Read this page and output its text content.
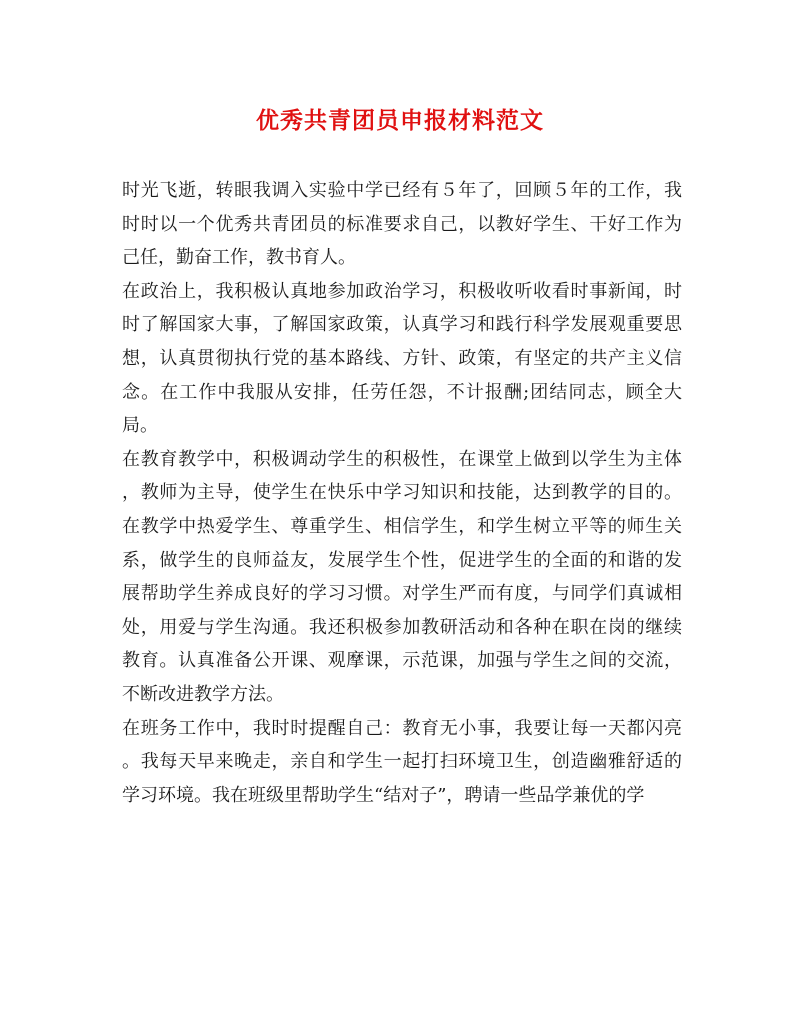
优秀共青团员申报材料范文
时光飞逝，转眼我调入实验中学已经有５年了，回顾５年的工作，我
时时以一个优秀共青团员的标准要求自己，以教好学生、干好工作为
己任，勤奋工作，教书育人。
在政治上，我积极认真地参加政治学习，积极收听收看时事新闻，时
时了解国家大事，了解国家政策，认真学习和践行科学发展观重要思
想，认真贯彻执行党的基本路线、方针、政策，有坚定的共产主义信
念。在工作中我服从安排，任劳任怨，不计报酬;团结同志，顾全大
局。
在教育教学中，积极调动学生的积极性，在课堂上做到以学生为主体
，教师为主导，使学生在快乐中学习知识和技能，达到教学的目的。
在教学中热爱学生、尊重学生、相信学生，和学生树立平等的师生关
系，做学生的良师益友，发展学生个性，促进学生的全面的和谐的发
展帮助学生养成良好的学习习惯。对学生严而有度，与同学们真诚相
处，用爱与学生沟通。我还积极参加教研活动和各种在职在岗的继续
教育。认真准备公开课、观摩课，示范课，加强与学生之间的交流，
不断改进教学方法。
在班务工作中，我时时提醒自己：教育无小事，我要让每一天都闪亮
。我每天早来晚走，亲自和学生一起打扫环境卫生，创造幽雅舒适的
学习环境。我在班级里帮助学生“结对子”，聘请一些品学兼优的学
